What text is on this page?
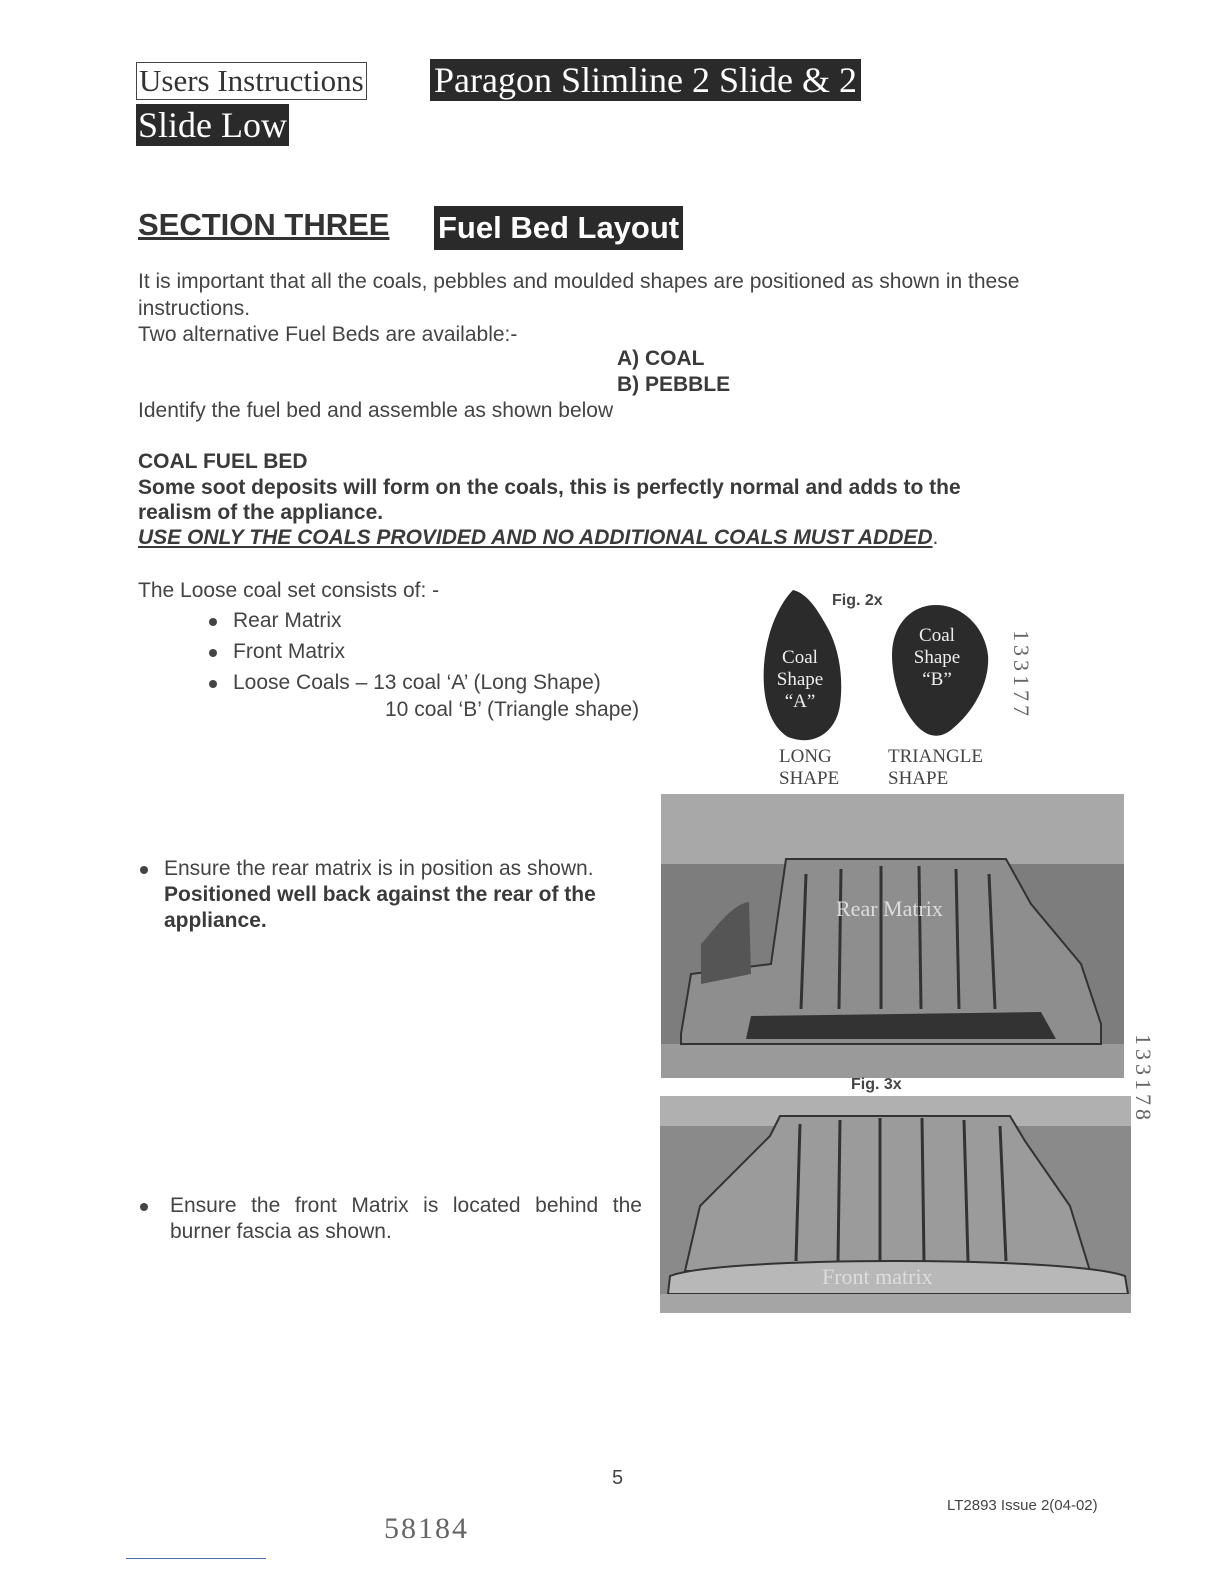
Users Instructions Paragon Slimline 2 Slide & 2
Slide Low
SECTION THREE Fuel Bed Layout
It is important that all the coals, pebbles and moulded shapes are positioned as shown in these
instructions.
Two alternative Fuel Beds are available:-
A) COAL
B) PEBBLE
Identify the fuel bed and assemble as shown below
COAL FUEL BED
Some soot deposits will form on the coals, this is perfectly normal and adds to the
realism of the appliance.
USE ONLY THE COALS PROVIDED AND NO ADDITIONAL COALS MUST ADDED.
The Loose coal set consists of: -
Rear Matrix
Front Matrix
Loose Coals – 13 coal ‘A’ (Long Shape)
10 coal ‘B’ (Triangle shape)
Fig. 2x
Coal
Shape
“A”
Coal
Shape
“B”
LONG
SHAPE
TRIANGLE
SHAPE
133177
Ensure the rear matrix is in position as shown.
Positioned well back against the rear of the
appliance.	Rear Matrix
Fig. 3x	133178
Front matrix
Ensure the front Matrix is located behind the
burner fascia as shown.
5
LT2893 Issue 2(04-02)
58184
